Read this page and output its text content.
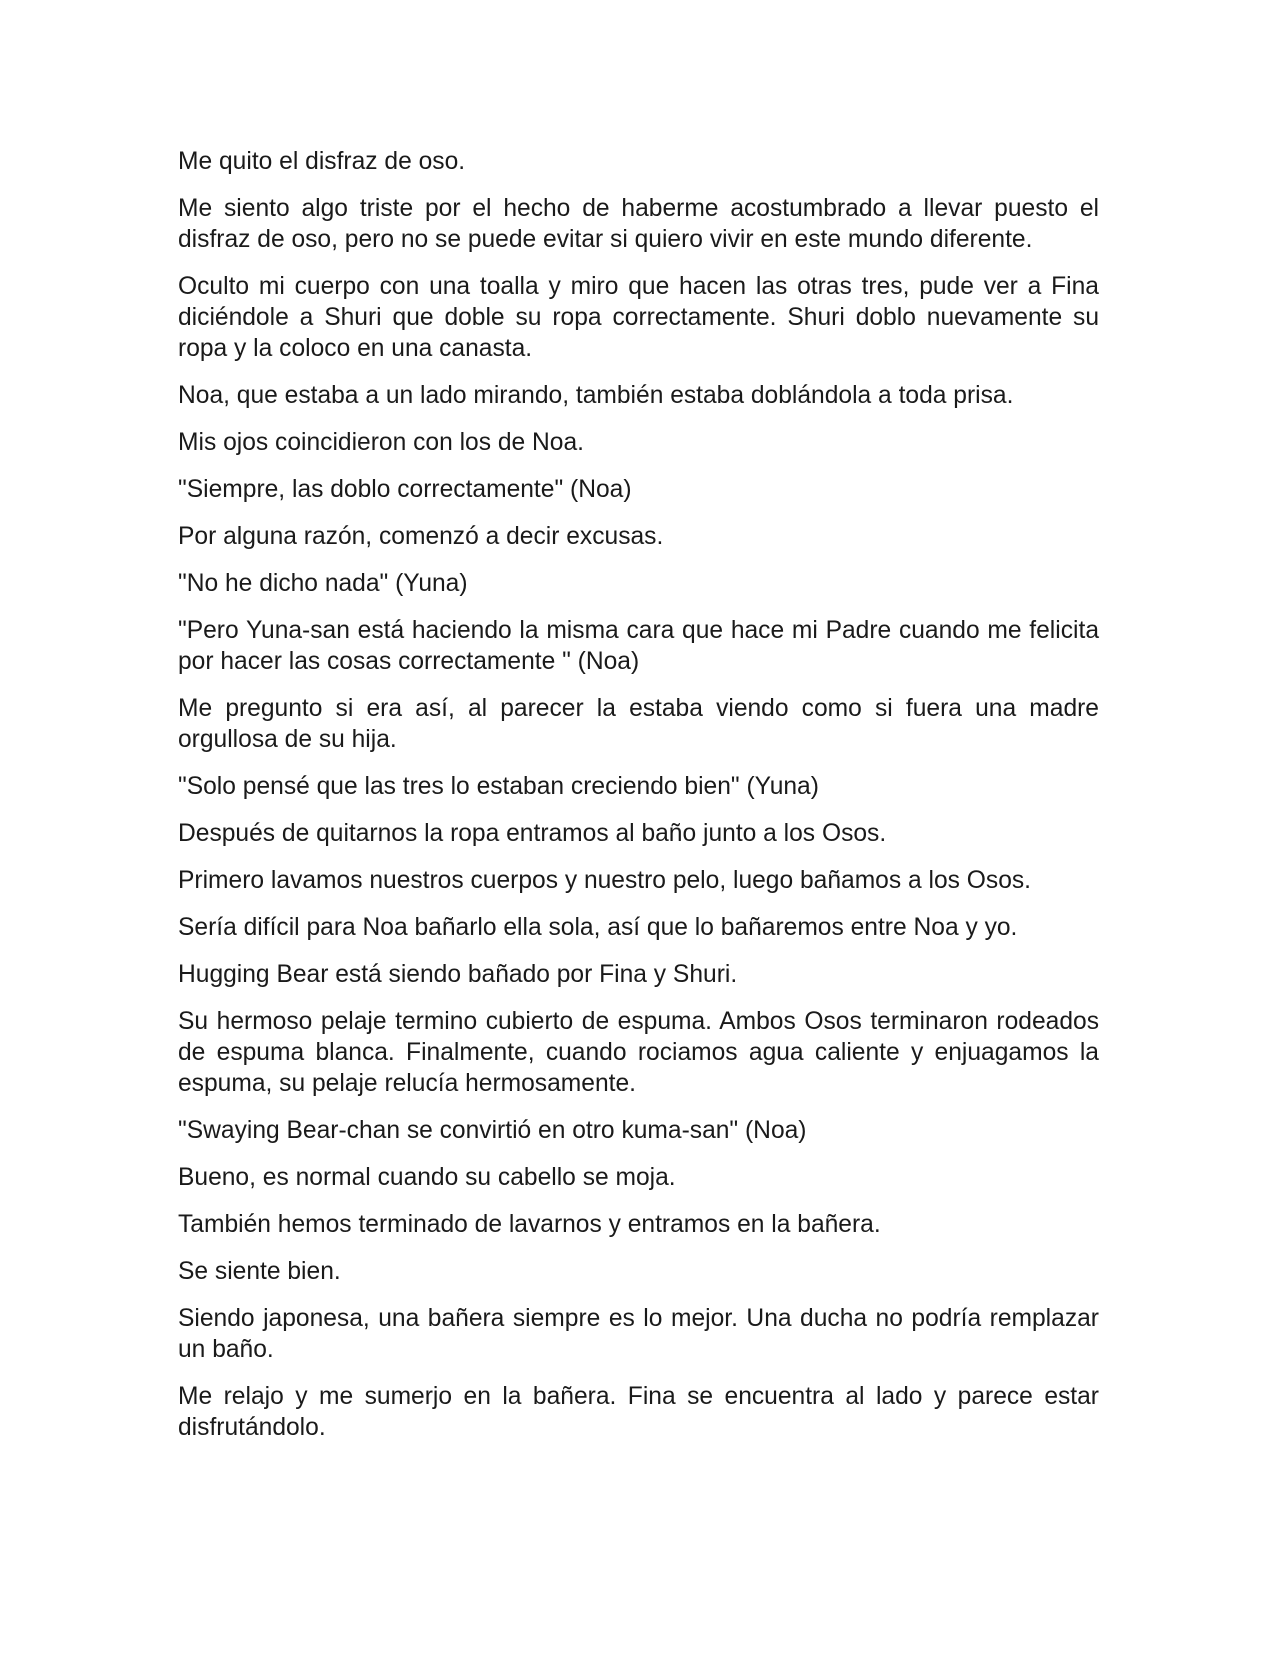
Me quito el disfraz de oso.

Me siento algo triste por el hecho de haberme acostumbrado a llevar puesto el disfraz de oso, pero no se puede evitar si quiero vivir en este mundo diferente.

Oculto mi cuerpo con una toalla y miro que hacen las otras tres, pude ver a Fina diciéndole a Shuri que doble su ropa correctamente. Shuri doblo nuevamente su ropa y la coloco en una canasta.

Noa, que estaba a un lado mirando, también estaba doblándola a toda prisa.

Mis ojos coincidieron con los de Noa.

"Siempre, las doblo correctamente" (Noa)

Por alguna razón, comenzó a decir excusas.

"No he dicho nada" (Yuna)

"Pero Yuna-san está haciendo la misma cara que hace mi Padre cuando me felicita por hacer las cosas correctamente " (Noa)

Me pregunto si era así, al parecer la estaba viendo como si fuera una madre orgullosa de su hija.

"Solo pensé que las tres lo estaban creciendo bien" (Yuna)

Después de quitarnos la ropa entramos al baño junto a los Osos.

Primero lavamos nuestros cuerpos y nuestro pelo, luego bañamos a los Osos.

Sería difícil para Noa bañarlo ella sola, así que lo bañaremos entre Noa y yo.

Hugging Bear está siendo bañado por Fina y Shuri.

Su hermoso pelaje termino cubierto de espuma. Ambos Osos terminaron rodeados de espuma blanca. Finalmente, cuando rociamos agua caliente y enjuagamos la espuma, su pelaje relucía hermosamente.

"Swaying Bear-chan se convirtió en otro kuma-san" (Noa)

Bueno, es normal cuando su cabello se moja.

También hemos terminado de lavarnos y entramos en la bañera.

Se siente bien.

Siendo japonesa, una bañera siempre es lo mejor. Una ducha no podría remplazar un baño.

Me relajo y me sumerjo en la bañera. Fina se encuentra al lado y parece estar disfrutándolo.
